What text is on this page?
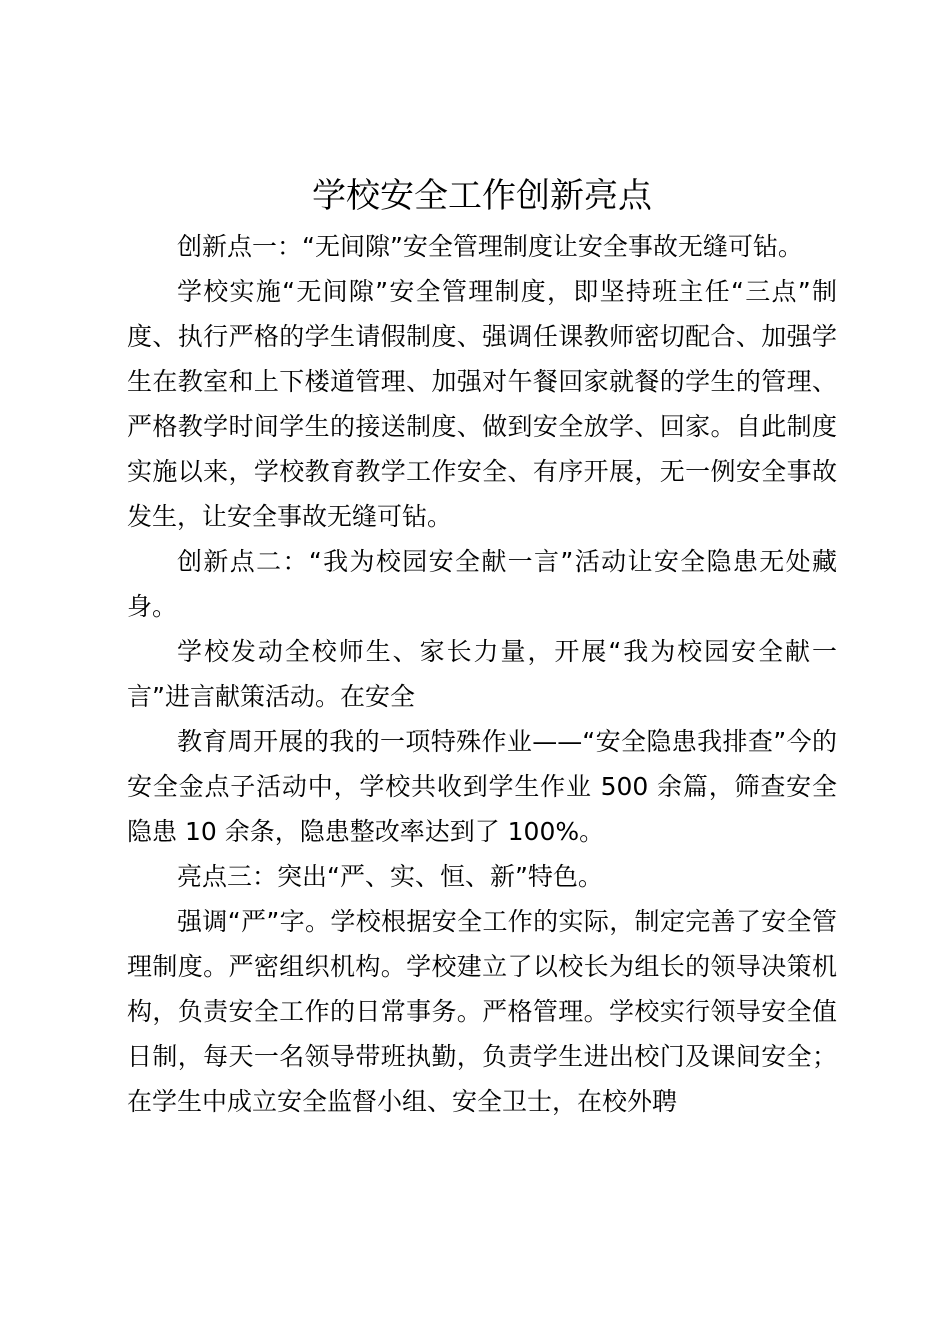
学校安全工作创新亮点

创新点一：“无间隙”安全管理制度让安全事故无缝可钻。

学校实施“无间隙”安全管理制度，即坚持班主任“三点”制度、执行严格的学生请假制度、强调任课教师密切配合、加强学生在教室和上下楼道管理、加强对午餐回家就餐的学生的管理、严格教学时间学生的接送制度、做到安全放学、回家。自此制度实施以来，学校教育教学工作安全、有序开展，无一例安全事故发生，让安全事故无缝可钻。

创新点二：“我为校园安全献一言”活动让安全隐患无处藏身。

学校发动全校师生、家长力量，开展“我为校园安全献一言”进言献策活动。在安全

教育周开展的我的一项特殊作业——“安全隐患我排查”今的安全金点子活动中，学校共收到学生作业 500 余篇，筛查安全隐患 10 余条，隐患整改率达到了 100%。

亮点三：突出“严、实、恒、新”特色。

强调“严”字。学校根据安全工作的实际，制定完善了安全管理制度。严密组织机构。学校建立了以校长为组长的领导决策机构，负责安全工作的日常事务。严格管理。学校实行领导安全值日制，每天一名领导带班执勤，负责学生进出校门及课间安全；在学生中成立安全监督小组、安全卫士，在校外聘
